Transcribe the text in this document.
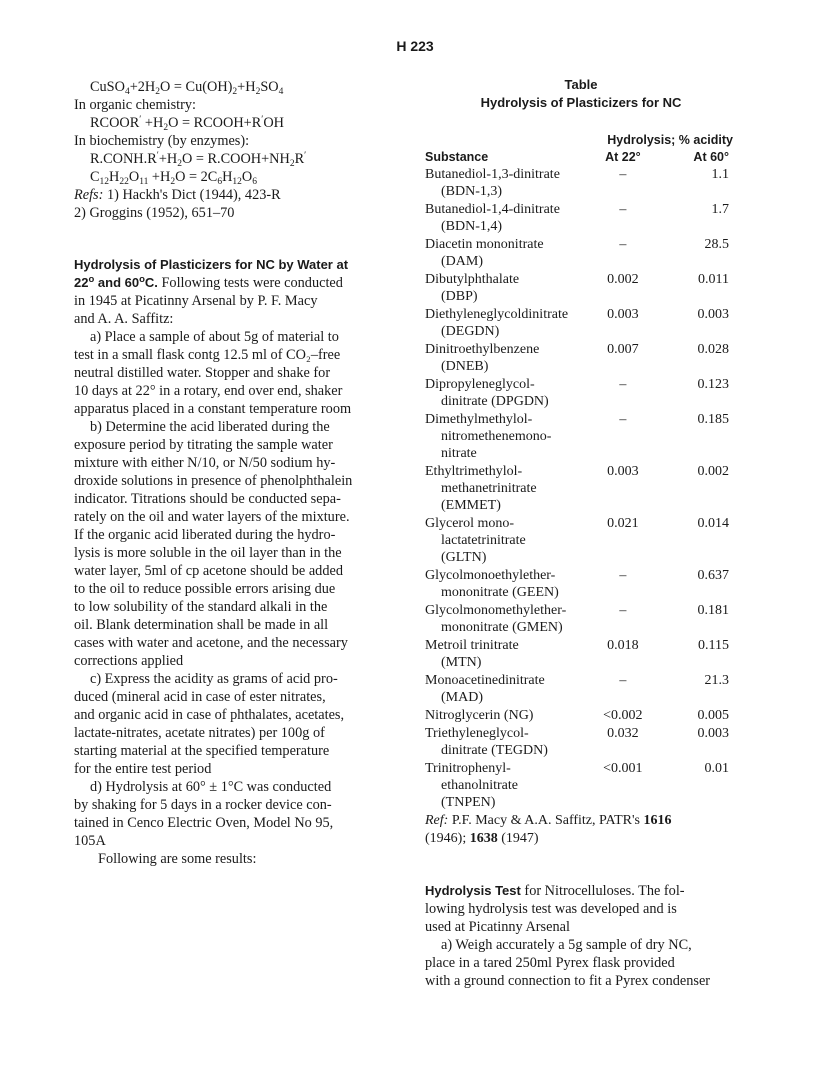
H 223
$CuSO_4+2H_2O = Cu(OH)_2+H_2SO_4$
In organic chemistry:
RCOOR′ $+H_2O$ = RCOOH+R′OH
In biochemistry (by enzymes):
$R.CONH.R'+H_2O$ = $R.COOH+NH_2R'$
$C_{12}H_{22}O_{11} +H_2O = 2C_6H_{12}O_6$
Refs: 1) Hackh's Dict (1944), 423-R
2) Groggins (1952), 651–70
Hydrolysis of Plasticizers for NC by Water at
22$^o$ and 60$^o$C. Following tests were conducted
in 1945 at Picatinny Arsenal by P. F. Macy
and A. A. Saffitz:
a) Place a sample of about 5g of material to
test in a small flask contg 12.5 ml of CO₂–free
neutral distilled water. Stopper and shake for
10 days at 22° in a rotary, end over end, shaker
apparatus placed in a constant temperature room
b) Determine the acid liberated during the
exposure period by titrating the sample water
mixture with either N/10, or N/50 sodium hy-
droxide solutions in presence of phenolphthalein
indicator. Titrations should be conducted sepa-
rately on the oil and water layers of the mixture.
If the organic acid liberated during the hydro-
lysis is more soluble in the oil layer than in the
water layer, 5ml of cp acetone should be added
to the oil to reduce possible errors arising due
to low solubility of the standard alkali in the
oil. Blank determination shall be made in all
cases with water and acetone, and the necessary
corrections applied
c) Express the acidity as grams of acid pro-
duced (mineral acid in case of ester nitrates,
and organic acid in case of phthalates, acetates,
lactate-nitrates, acetate nitrates) per 100g of
starting material at the specified temperature
for the entire test period
d) Hydrolysis at 60° ± 1°C was conducted
by shaking for 5 days in a rocker device con-
tained in Cenco Electric Oven, Model No 95,
105A
Following are some results:
Table
Hydrolysis of Plasticizers for NC
	Hydrolysis; % acidity	
Substance	At 22°	At 60°

Butanediol-1,3-dinitrate
(BDN-1,3)	–	1.1

Butanediol-1,4-dinitrate
(BDN-1,4)	–	1.7

Diacetin mononitrate
(DAM)	–	28.5

Dibutylphthalate
(DBP)	0.002	0.011

Diethyleneglycoldinitrate
(DEGDN)	0.003	0.003

Dinitroethylbenzene
(DNEB)	0.007	0.028

Dipropyleneglycol-
dinitrate (DPGDN)	–	0.123

Dimethylmethylol-
nitromethenemono-
nitrate	–	0.185

Ethyltrimethylol-
methanetrinitrate
(EMMET)	0.003	0.002

Glycerol mono-
lactatetrinitrate
(GLTN)	0.021	0.014

Glycolmonoethylether-
mononitrate (GEEN)	–	0.637

Glycolmonomethylether-
mononitrate (GMEN)	–	0.181

Metroil trinitrate
(MTN)	0.018	0.115

Monoacetinedinitrate
(MAD)	–	21.3

Nitroglycerin (NG)	<0.002	0.005

Triethyleneglycol-
dinitrate (TEGDN)	0.032	0.003

Trinitrophenyl-
ethanolnitrate
(TNPEN)	<0.001	0.01
Ref: P.F. Macy & A.A. Saffitz, PATR's 1616
(1946); 1638 (1947)
Hydrolysis Test for Nitrocelluloses. The fol-
lowing hydrolysis test was developed and is
used at Picatinny Arsenal
a) Weigh accurately a 5g sample of dry NC,
place in a tared 250ml Pyrex flask provided
with a ground connection to fit a Pyrex condenser
